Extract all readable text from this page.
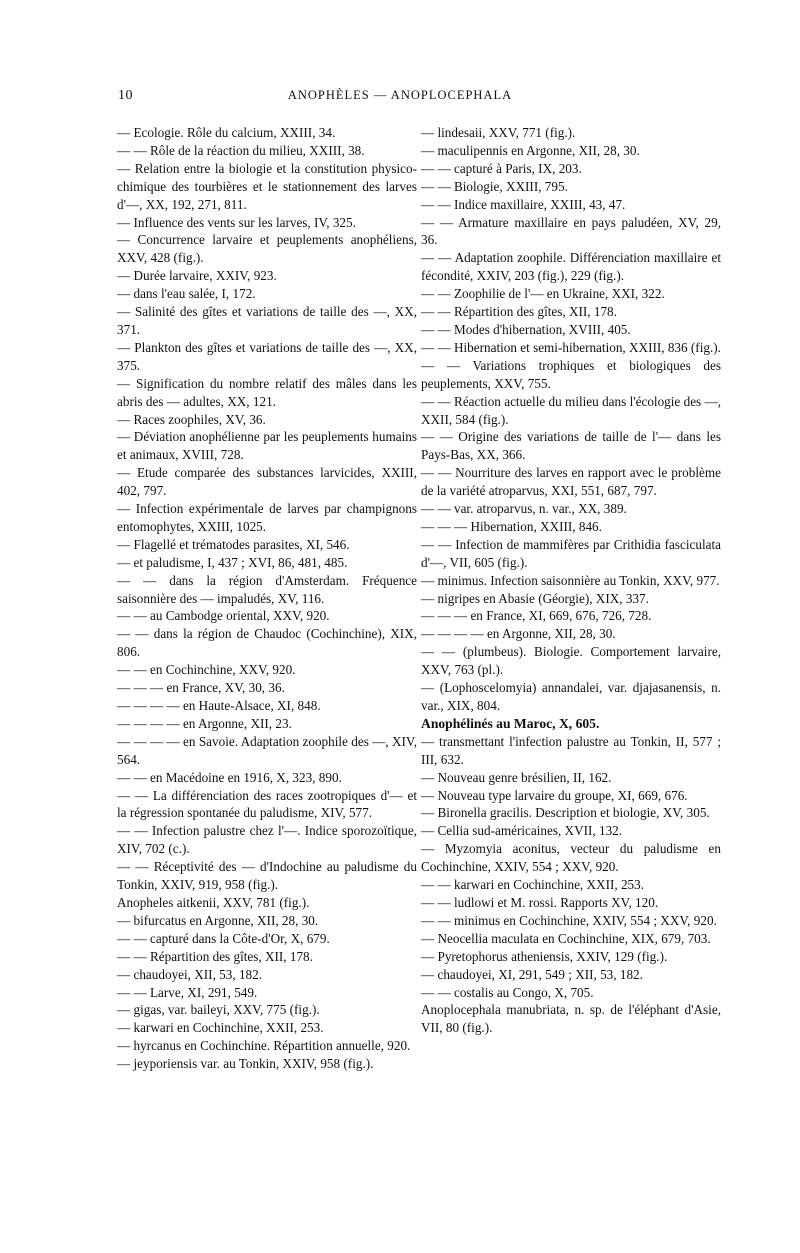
10	ANOPHÈLES — ANOPLOCEPHALA

— Ecologie. Rôle du calcium, XXIII, 34.

— — Rôle de la réaction du milieu, XXIII, 38.

— Relation entre la biologie et la constitution physico-chimique des tourbières et le stationnement des larves d'—, XX, 192, 271, 811.

— Influence des vents sur les larves, IV, 325.

— Concurrence larvaire et peuplements anophéliens, XXV, 428 (fig.).

— Durée larvaire, XXIV, 923.

— dans l'eau salée, I, 172.

— Salinité des gîtes et variations de taille des —, XX, 371.

— Plankton des gîtes et variations de taille des —, XX, 375.

— Signification du nombre relatif des mâles dans les abris des — adultes, XX, 121.

— Races zoophiles, XV, 36.

— Déviation anophélienne par les peuplements humains et animaux, XVIII, 728.

— Etude comparée des substances larvicides, XXIII, 402, 797.

— Infection expérimentale de larves par champignons entomophytes, XXIII, 1025.

— Flagellé et trématodes parasites, XI, 546.

— et paludisme, I, 437 ; XVI, 86, 481, 485.

— — dans la région d'Amsterdam. Fréquence saisonnière des — impaludés, XV, 116.

— — au Cambodge oriental, XXV, 920.

— — dans la région de Chaudoc (Cochinchine), XIX, 806.

— — en Cochinchine, XXV, 920.

— — — en France, XV, 30, 36.

— — — — en Haute-Alsace, XI, 848.

— — — — en Argonne, XII, 23.

— — — — en Savoie. Adaptation zoophile des —, XIV, 564.

— — en Macédoine en 1916, X, 323, 890.

— — La différenciation des races zootropiques d'— et la régression spontanée du paludisme, XIV, 577.

— — Infection palustre chez l'—. Indice sporozoïtique, XIV, 702 (c.).

— — Réceptivité des — d'Indochine au paludisme du Tonkin, XXIV, 919, 958 (fig.).

Anopheles aitkenii, XXV, 781 (fig.).

— bifurcatus en Argonne, XII, 28, 30.

— — capturé dans la Côte-d'Or, X, 679.

— — Répartition des gîtes, XII, 178.

— chaudoyei, XII, 53, 182.

— — Larve, XI, 291, 549.

— gigas, var. baileyi, XXV, 775 (fig.).

— karwari en Cochinchine, XXII, 253.

— hyrcanus en Cochinchine. Répartition annuelle, 920.

— jeyporiensis var. au Tonkin, XXIV, 958 (fig.).

— lindesaii, XXV, 771 (fig.).

— maculipennis en Argonne, XII, 28, 30.

— — capturé à Paris, IX, 203.

— — Biologie, XXIII, 795.

— — Indice maxillaire, XXIII, 43, 47.

— — Armature maxillaire en pays paludéen, XV, 29, 36.

— — Adaptation zoophile. Différenciation maxillaire et fécondité, XXIV, 203 (fig.), 229 (fig.).

— — Zoophilie de l'— en Ukraine, XXI, 322.

— — Répartition des gîtes, XII, 178.

— — Modes d'hibernation, XVIII, 405.

— — Hibernation et semi-hibernation, XXIII, 836 (fig.).

— — Variations trophiques et biologiques des peuplements, XXV, 755.

— — Réaction actuelle du milieu dans l'écologie des —, XXII, 584 (fig.).

— — Origine des variations de taille de l'— dans les Pays-Bas, XX, 366.

— — Nourriture des larves en rapport avec le problème de la variété atroparvus, XXI, 551, 687, 797.

— — var. atroparvus, n. var., XX, 389.

— — — Hibernation, XXIII, 846.

— — Infection de mammifères par Crithidia fasciculata d'—, VII, 605 (fig.).

— minimus. Infection saisonnière au Tonkin, XXV, 977.

— nigripes en Abasie (Géorgie), XIX, 337.

— — — en France, XI, 669, 676, 726, 728.

— — — — en Argonne, XII, 28, 30.

— — (plumbeus). Biologie. Comportement larvaire, XXV, 763 (pl.).

— (Lophoscelomyia) annandalei, var. djajasanensis, n. var., XIX, 804.

Anophélinés au Maroc, X, 605.

— transmettant l'infection palustre au Tonkin, II, 577 ; III, 632.

— Nouveau genre brésilien, II, 162.

— Nouveau type larvaire du groupe, XI, 669, 676.

— Bironella gracilis. Description et biologie, XV, 305.

— Cellia sud-américaines, XVII, 132.

— Myzomyia aconitus, vecteur du paludisme en Cochinchine, XXIV, 554 ; XXV, 920.

— — karwari en Cochinchine, XXII, 253.

— — ludlowi et M. rossi. Rapports XV, 120.

— — minimus en Cochinchine, XXIV, 554 ; XXV, 920.

— Neocellia maculata en Cochinchine, XIX, 679, 703.

— Pyretophorus atheniensis, XXIV, 129 (fig.).

— chaudoyei, XI, 291, 549 ; XII, 53, 182.

— — costalis au Congo, X, 705.

Anoplocephala manubriata, n. sp. de l'éléphant d'Asie, VII, 80 (fig.).
